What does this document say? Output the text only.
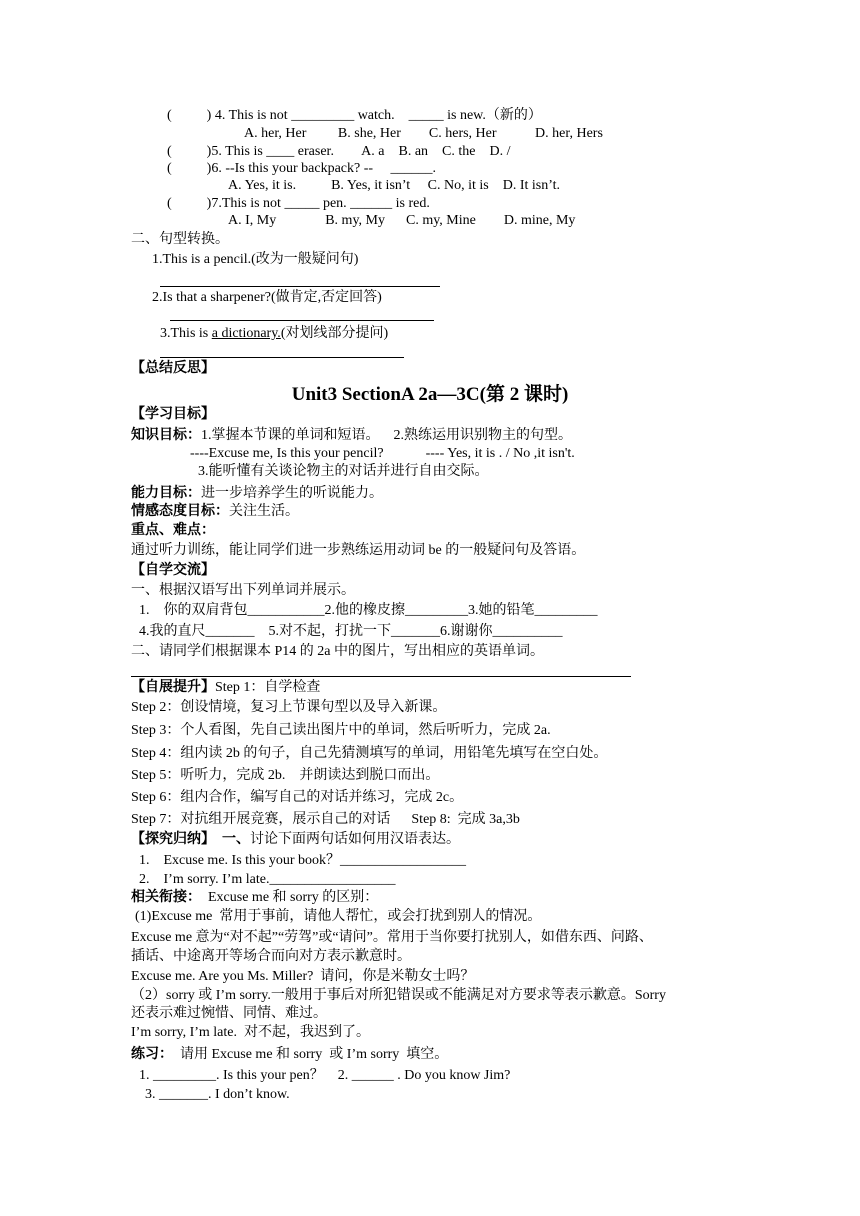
(          ) 4. This is not _________ watch.    _____ is new.（新的）
A. her, Her         B. she, Her        C. hers, Her           D. her, Hers
(          )5. This is ____ eraser.        A. a    B. an    C. the    D. /
(          )6. --Is this your backpack? --     ______.
A. Yes, it is.          B. Yes, it isn’t     C. No, it is    D. It isn’t.
(          )7.This is not _____ pen. ______ is red.
A. I, My              B. my, My      C. my, Mine        D. mine, My
二、句型转换。
1.This is a pencil.(改为一般疑问句)
2.Is that a sharpener?(做肯定,否定回答)
3.This is a dictionary.(对划线部分提问)
【总结反思】
Unit3 SectionA 2a—3C(第 2 课时)
【学习目标】
知识目标：1.掌握本节课的单词和短语。    2.熟练运用识别物主的句型。
----Excuse me, Is this your pencil?            ---- Yes, it is . / No ,it isn't.
3.能听懂有关谈论物主的对话并进行自由交际。
能力目标：进一步培养学生的听说能力。
情感态度目标：关注生活。
重点、难点：
通过听力训练，能让同学们进一步熟练运用动词 be 的一般疑问句及答语。
【自学交流】
一、根据汉语写出下列单词并展示。
1.    你的双肩背包___________2.他的橡皮擦_________3.她的铅笔_________
4.我的直尺_______    5.对不起，打扰一下_______6.谢谢你__________
二、请同学们根据课本 P14 的 2a 中的图片，写出相应的英语单词。
【自展提升】Step 1：自学检查
Step 2：创设情境，复习上节课句型以及导入新课。
Step 3：个人看图，先自己读出图片中的单词，然后听听力，完成 2a.
Step 4：组内读 2b 的句子，自己先猜测填写的单词，用铅笔先填写在空白处。
Step 5：听听力，完成 2b.    并朗读达到脱口而出。
Step 6：组内合作，编写自己的对话并练习，完成 2c。
Step 7：对抗组开展竞赛，展示自己的对话      Step 8:  完成 3a,3b
【探究归纳】  一、讨论下面两句话如何用汉语表达。
1.    Excuse me. Is this your book？__________________
2.    I’m sorry. I’m late.__________________
相关衔接：  Excuse me 和 sorry 的区别：
(1)Excuse me  常用于事前，请他人帮忙，或会打扰到别人的情况。
Excuse me 意为“对不起”“劳驾”或“请问”。常用于当你要打扰别人，如借东西、问路、
插话、中途离开等场合而向对方表示歉意时。
Excuse me. Are you Ms. Miller?  请问，你是米勒女士吗？
（2）sorry 或 I’m sorry.一般用于事后对所犯错误或不能满足对方要求等表示歉意。Sorry
还表示难过惋惜、同情、难过。
I’m sorry, I’m late.  对不起，我迟到了。
练习：  请用 Excuse me 和 sorry  或 I’m sorry  填空。
1. _________. Is this your pen？    2. ______ . Do you know Jim?
3. _______. I don’t know.
